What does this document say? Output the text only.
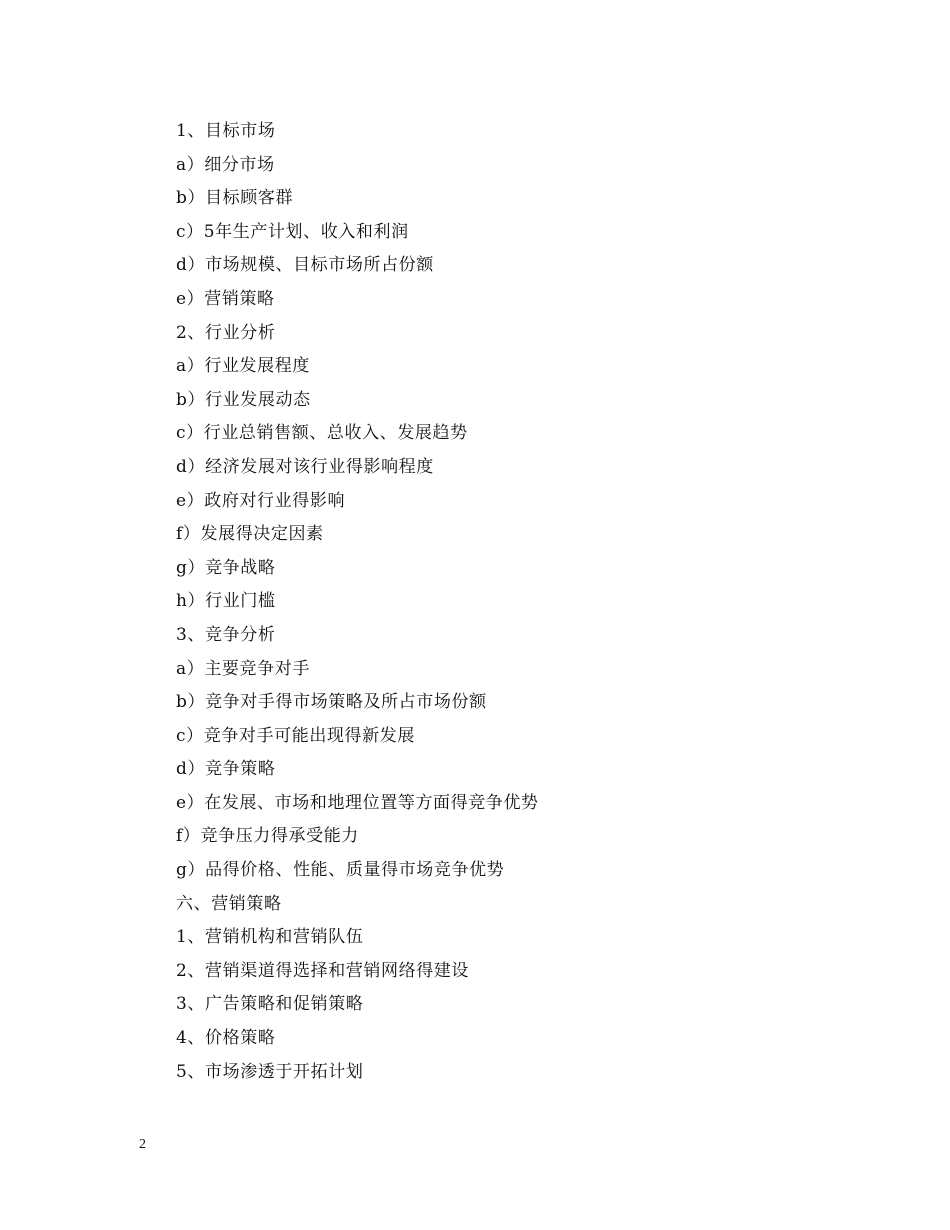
1、目标市场
a）细分市场
b）目标顾客群
c）5年生产计划、收入和利润
d）市场规模、目标市场所占份额
e）营销策略
2、行业分析
a）行业发展程度
b）行业发展动态
c）行业总销售额、总收入、发展趋势
d）经济发展对该行业得影响程度
e）政府对行业得影响
f）发展得决定因素
g）竞争战略
h）行业门槛
3、竞争分析
a）主要竞争对手
b）竞争对手得市场策略及所占市场份额
c）竞争对手可能出现得新发展
d）竞争策略
e）在发展、市场和地理位置等方面得竞争优势
f）竞争压力得承受能力
g）品得价格、性能、质量得市场竞争优势
六、营销策略
1、营销机构和营销队伍
2、营销渠道得选择和营销网络得建设
3、广告策略和促销策略
4、价格策略
5、市场渗透于开拓计划
2
